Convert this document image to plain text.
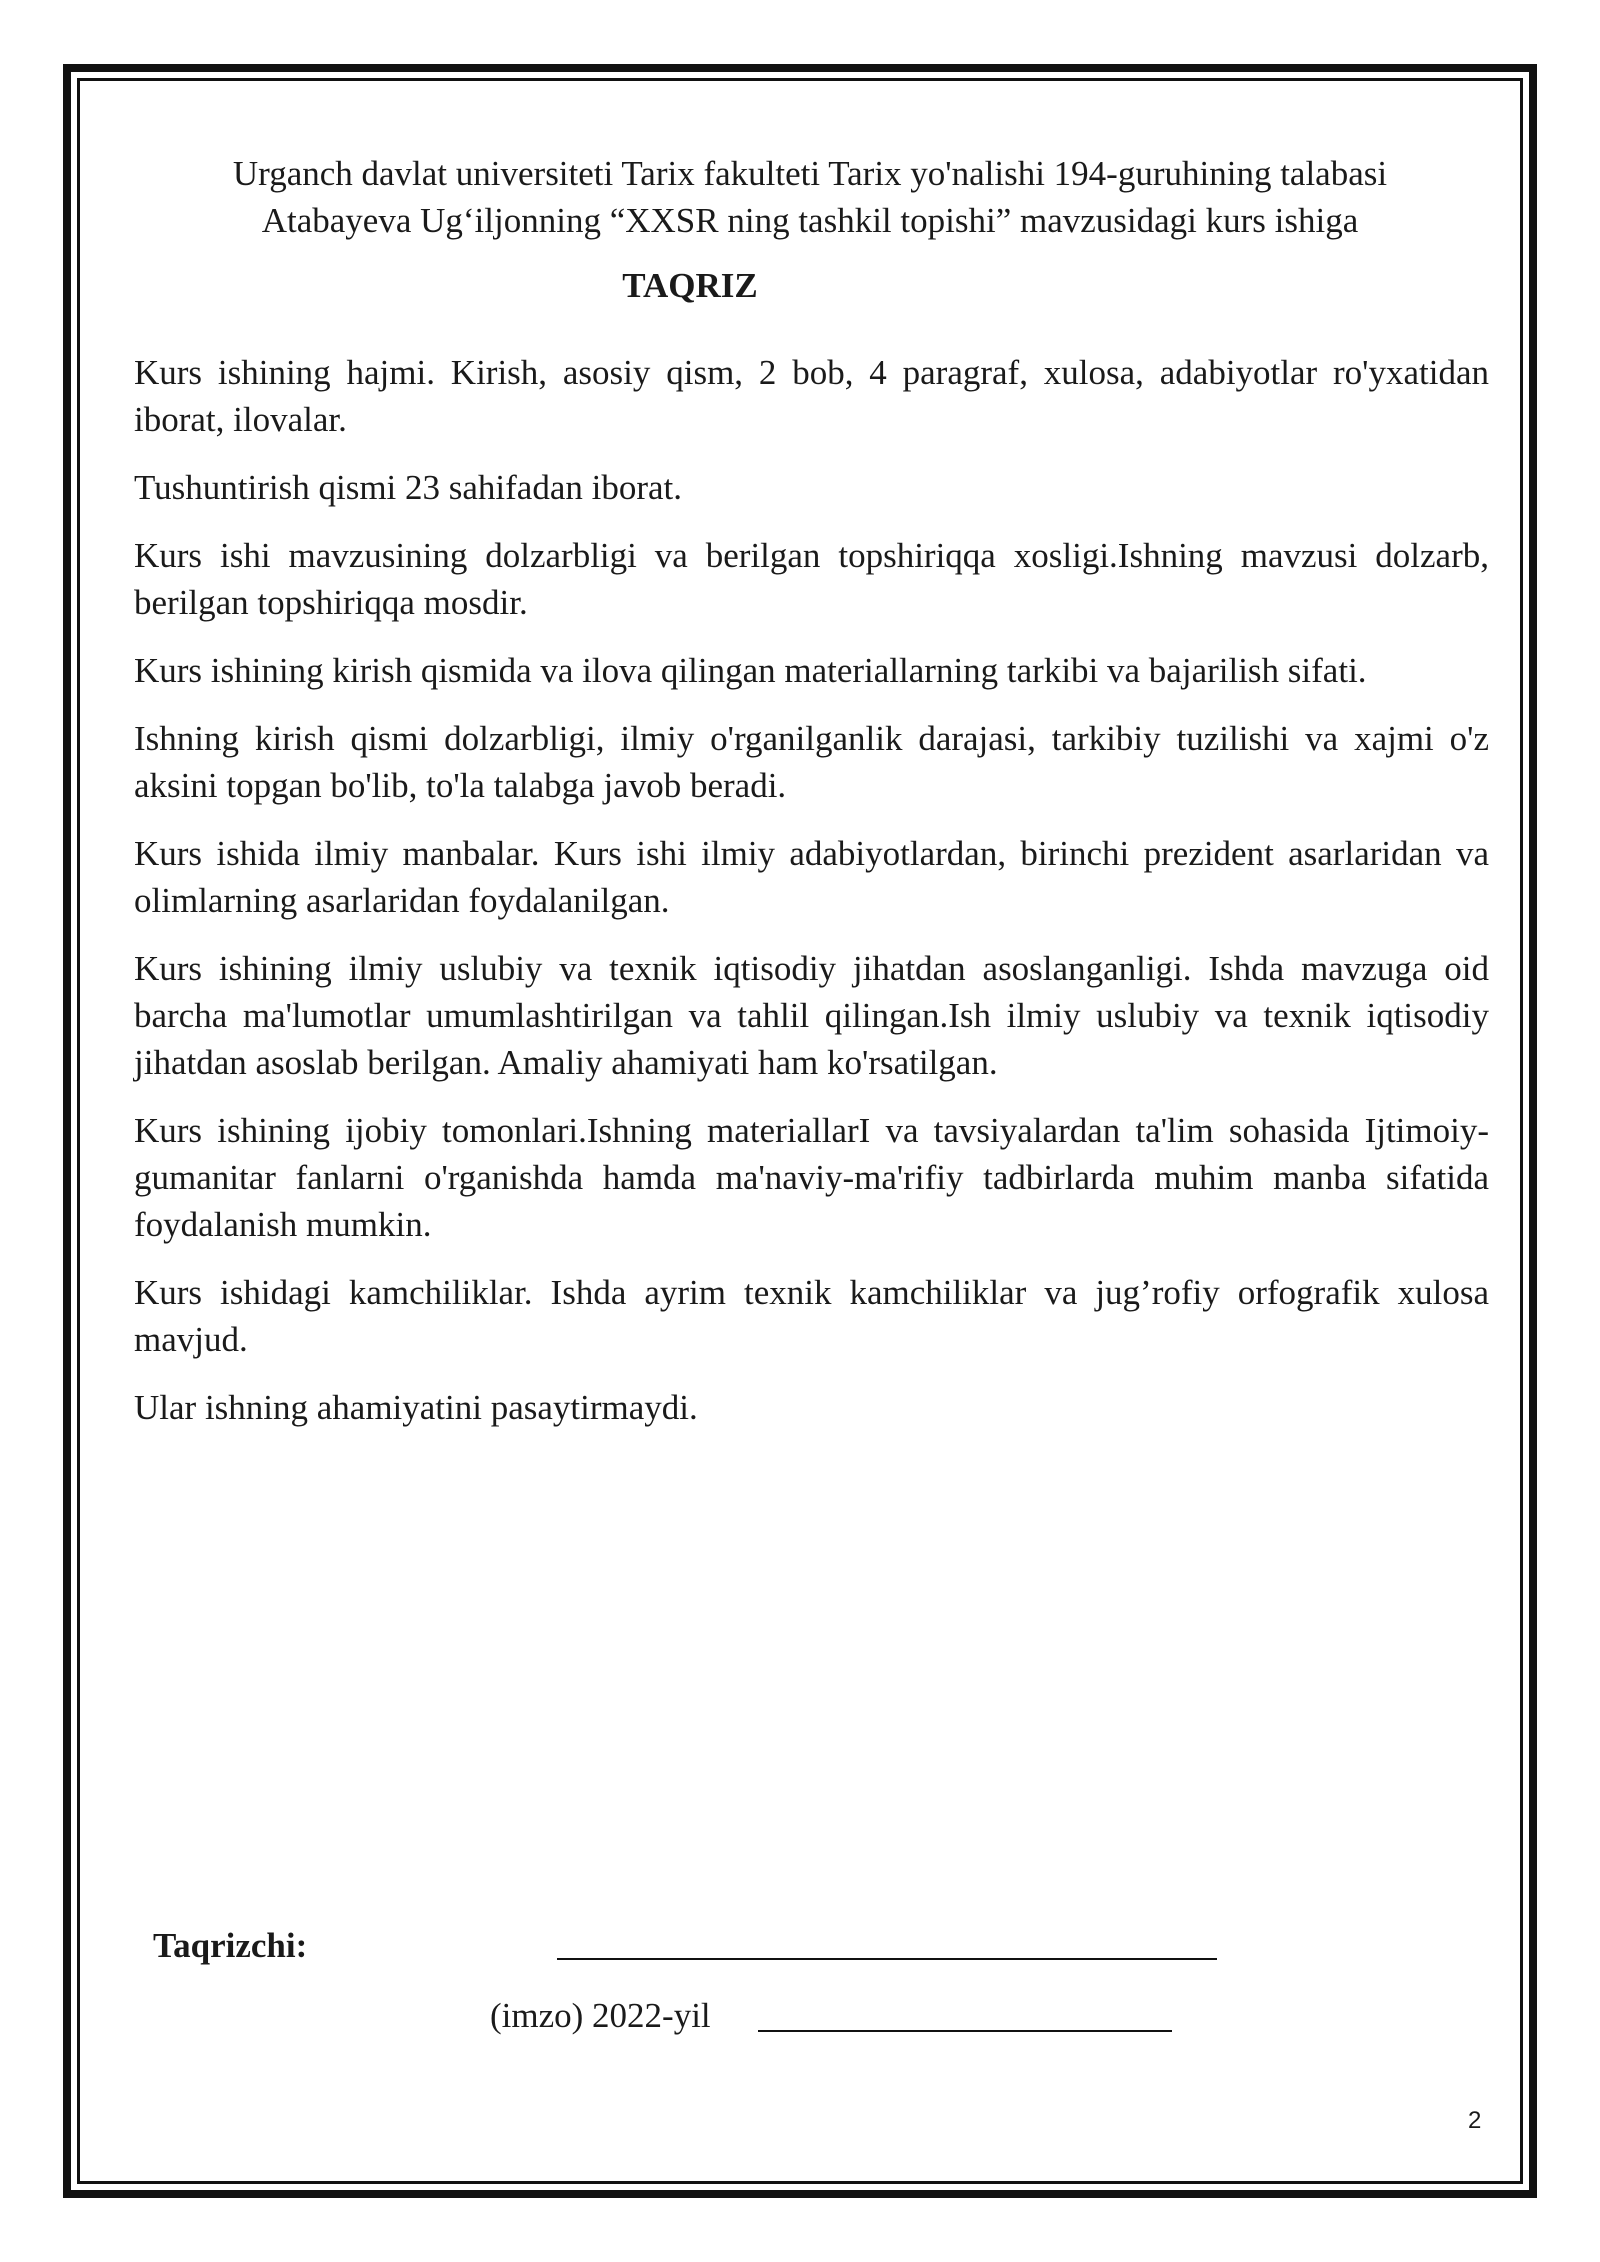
Urganch davlat universiteti Tarix fakulteti Tarix yo'nalishi 194-guruhining talabasi
Atabayeva Ug‘iljonning “XXSR ning tashkil topishi” mavzusidagi kurs ishiga
TAQRIZ

Kurs ishining hajmi. Kirish, asosiy qism, 2 bob, 4 paragraf, xulosa, adabiyotlar ro'yxatidan iborat, ilovalar.

Tushuntirish qismi 23 sahifadan iborat.

Kurs ishi mavzusining dolzarbligi va berilgan topshiriqqa xosligi.Ishning mavzusi dolzarb, berilgan topshiriqqa mosdir.

Kurs ishining kirish qismida va ilova qilingan materiallarning tarkibi va bajarilish sifati.

Ishning kirish qismi dolzarbligi, ilmiy o'rganilganlik darajasi, tarkibiy tuzilishi va xajmi o'z aksini topgan bo'lib, to'la talabga javob beradi.

Kurs ishida ilmiy manbalar. Kurs ishi ilmiy adabiyotlardan, birinchi prezident asarlaridan va olimlarning asarlaridan foydalanilgan.

Kurs ishining ilmiy uslubiy va texnik iqtisodiy jihatdan asoslanganligi. Ishda mavzuga oid barcha ma'lumotlar umumlashtirilgan va tahlil qilingan.Ish ilmiy uslubiy va texnik iqtisodiy jihatdan asoslab berilgan. Amaliy ahamiyati ham ko'rsatilgan.

Kurs ishining ijobiy tomonlari.Ishning materiallarI va tavsiyalardan ta'lim sohasida Ijtimoiy-gumanitar fanlarni o'rganishda hamda ma'naviy-ma'rifiy tadbirlarda muhim manba sifatida foydalanish mumkin.

Kurs ishidagi kamchiliklar. Ishda ayrim texnik kamchiliklar va jug’rofiy orfografik xulosa mavjud.

Ular ishning ahamiyatini pasaytirmaydi.

Taqrizchi:
(imzo) 2022-yil
2
